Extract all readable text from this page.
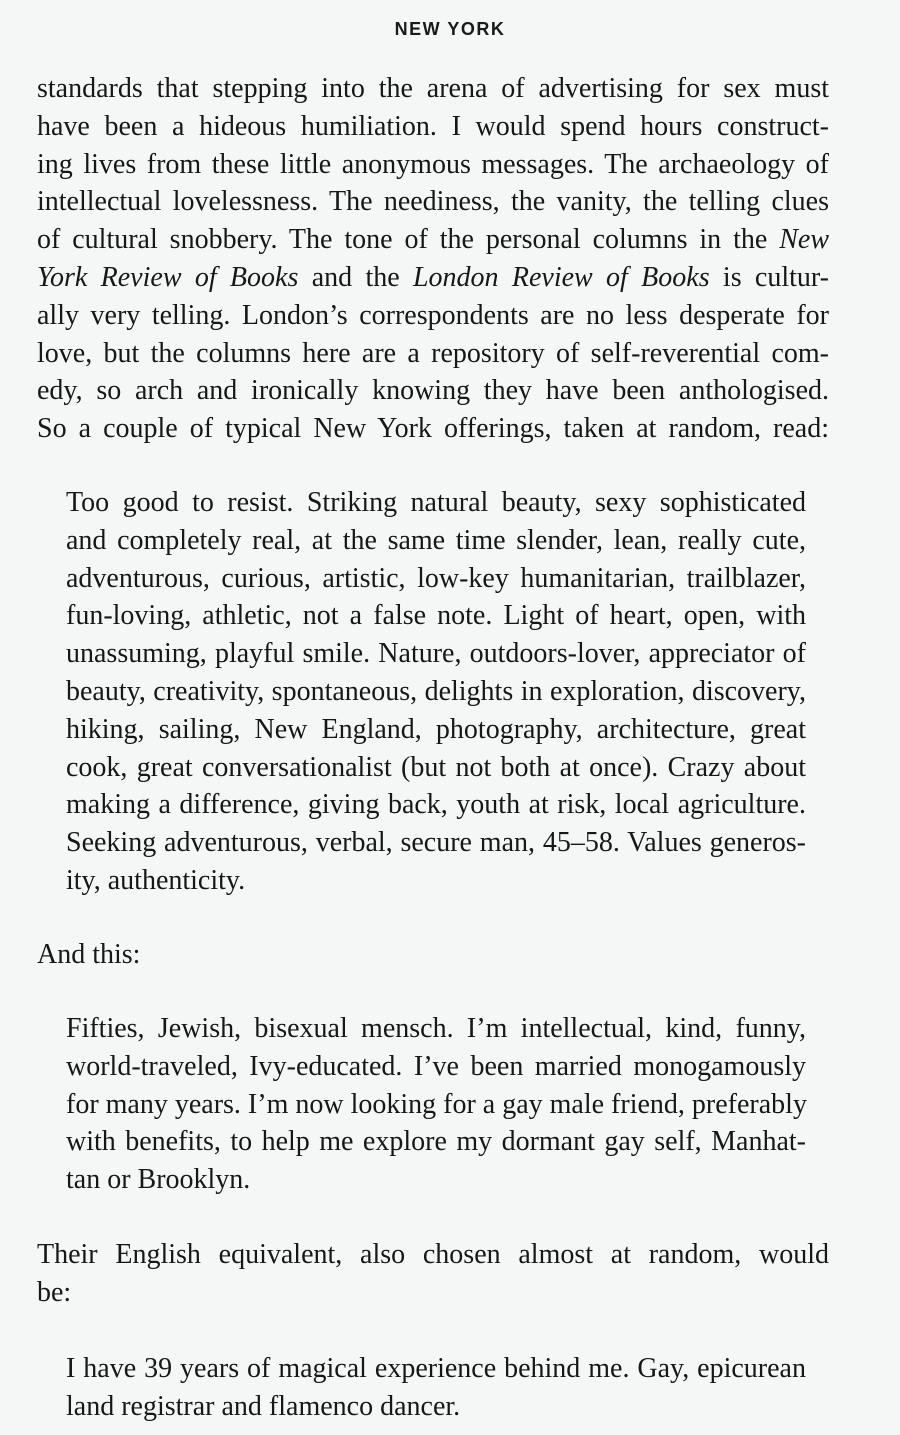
NEW YORK

standards that stepping into the arena of advertising for sex must
have been a hideous humiliation. I would spend hours construct-
ing lives from these little anonymous messages. The archaeology of
intellectual lovelessness. The neediness, the vanity, the telling clues
of cultural snobbery. The tone of the personal columns in the New
York Review of Books and the London Review of Books is cultur-
ally very telling. London’s correspondents are no less desperate for
love, but the columns here are a repository of self-reverential com-
edy, so arch and ironically knowing they have been anthologised.
So a couple of typical New York offerings, taken at random, read:

Too good to resist. Striking natural beauty, sexy sophisticated
and completely real, at the same time slender, lean, really cute,
adventurous, curious, artistic, low-key humanitarian, trailblazer,
fun-loving, athletic, not a false note. Light of heart, open, with
unassuming, playful smile. Nature, outdoors-lover, appreciator of
beauty, creativity, spontaneous, delights in exploration, discovery,
hiking, sailing, New England, photography, architecture, great
cook, great conversationalist (but not both at once). Crazy about
making a difference, giving back, youth at risk, local agriculture.
Seeking adventurous, verbal, secure man, 45–58. Values generos-
ity, authenticity.

And this:

Fifties, Jewish, bisexual mensch. I’m intellectual, kind, funny,
world-traveled, Ivy-educated. I’ve been married monogamously
for many years. I’m now looking for a gay male friend, preferably
with benefits, to help me explore my dormant gay self, Manhat-
tan or Brooklyn.

Their English equivalent, also chosen almost at random, would
be:

I have 39 years of magical experience behind me. Gay, epicurean
land registrar and flamenco dancer.
